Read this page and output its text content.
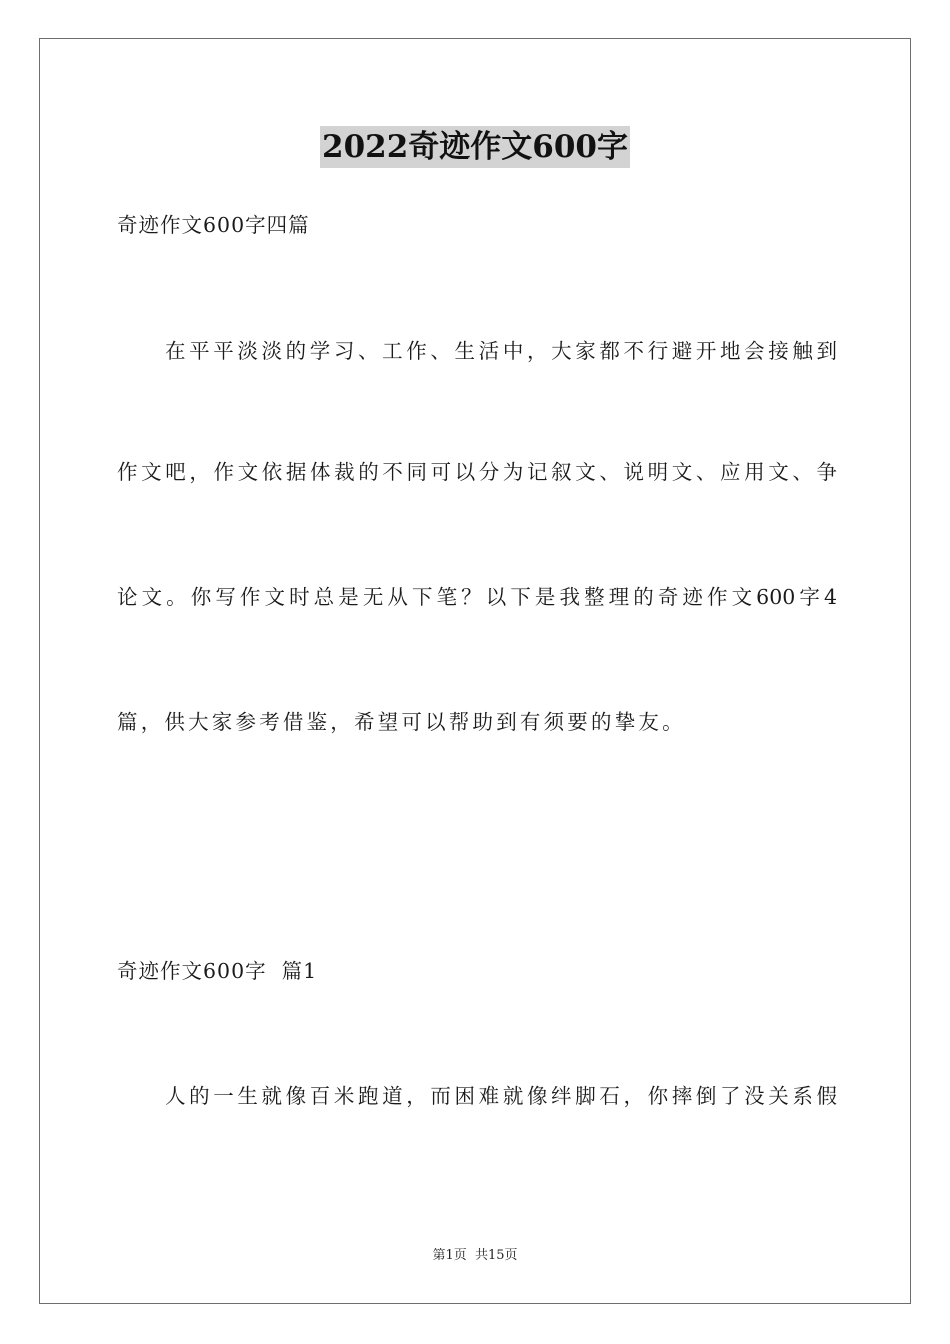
2022奇迹作文600字
奇迹作文600字四篇
在平平淡淡的学习、工作、生活中，大家都不行避开地会接触到
作文吧，作文依据体裁的不同可以分为记叙文、说明文、应用文、争
论文。你写作文时总是无从下笔？以下是我整理的奇迹作文600字4
篇，供大家参考借鉴，希望可以帮助到有须要的挚友。
奇迹作文600字  篇1
人的一生就像百米跑道，而困难就像绊脚石，你摔倒了没关系假
第1页 共15页
